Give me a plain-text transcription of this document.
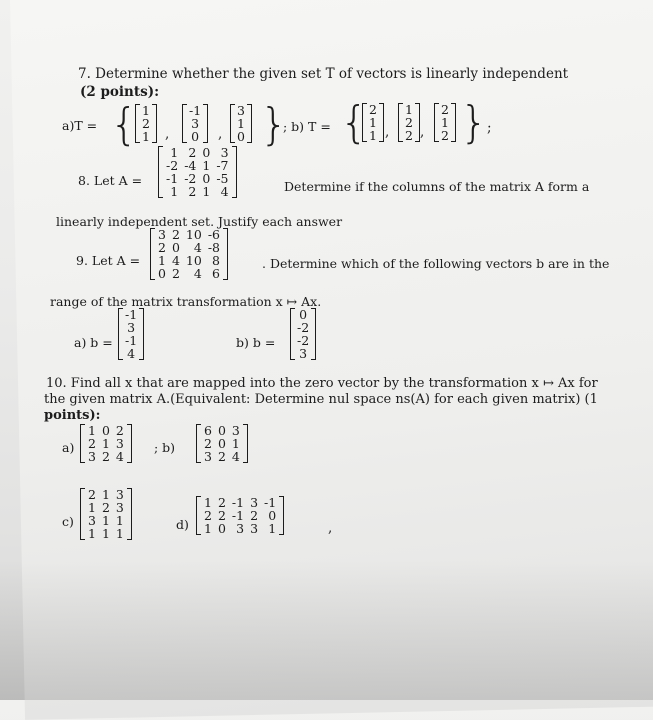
7. Determine whether the given set T of vectors is linearly independent
(2 points):
a)T = { 1
2
1 ,
-1
3
0 ,
3
1
0 }
; b) T = { 2
1
1 ,
1
2
2 ,
2
1
2 } ;
8. Let A =
1	2	0	3
-2	-4	1	-7
-1	-2	0	-5
1	2	1	4	Determine if the columns of the matrix A form a
linearly independent set. Justify each answer
9. Let A =
3	2	10	-6
2	0	4	-8
1	4	10	8
0	2	4	6
. Determine which of the following vectors b are in the
range of the matrix transformation x ↦ Ax.
a) b =
-1
3
-1
4
b) b =
0
-2
-2
3
10. Find all x that are mapped into the zero vector by the transformation x ↦ Ax for
the given matrix A.(Equivalent: Determine nul space ns(A) for each given matrix) (1
points):
a)
1	0	2
2	1	3
3	2	4
; b)
6	0	3
2	0	1
3	2	4
c)
2	1	3
1	2	3
3	1	1
1	1	1
d)
1	2	-1	3	-1
2	2	-1	2	0
1	0	3	3	1	,
